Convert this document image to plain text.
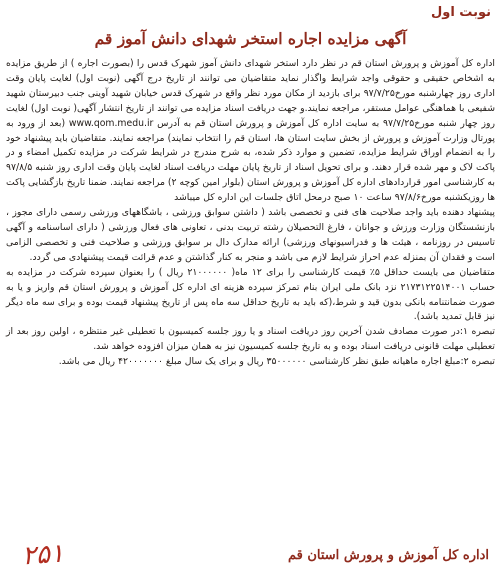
نوبت اول
آگهی مزایده اجاره استخر شهدای دانش آموز قم

اداره کل آموزش و پرورش استان قم در نظر دارد استخر شهدای دانش آموز شهرک قدس را (بصورت اجاره ) از طریق مزایده به اشخاص حقیقی و حقوقی واجد شرایط واگذار نماید متقاضیان می توانند از تاریخ درج آگهی (نوبت اول) لغایت پایان وقت اداری روز چهارشنبه مورخ۹۷/۷/۲۵ برای بازدید از مکان مورد نظر واقع در شهرک قدس خیابان شهید آوینی جنب دبیرستان شهید شفیعی با هماهنگی عوامل مستقر، مراجعه نمایند.و جهت دریافت اسناد مزایده می توانند از تاریخ انتشار آگهی( نوبت اول) لغایت روز چهار شنبه مورخ۹۷/۷/۲۵ به سایت اداره کل آموزش و پرورش استان قم به آدرس www.qom.medu.ir (بعد از ورود به پورتال وزارت آموزش و پرورش از بخش سایت استان ها، استان قم را انتخاب نمایند) مراجعه نمایند. متقاضیان باید پیشنهاد خود را به انضمام اوراق شرایط مزایده، تضمین و موارد ذکر شده، به شرح مندرج در شرایط شرکت در مزایده تکمیل امضاء و در پاکت لاک و مهر شده قرار دهند. و برای تحویل اسناد از تاریخ پایان مهلت دریافت اسناد لغایت پایان وقت اداری روز شنبه ۹۷/۸/۵ به کارشناسی امور قراردادهای اداره کل آموزش و پرورش استان (بلوار امین کوچه ۲) مراجعه نمایند. ضمنا تاریخ بازگشایی پاکت ها روزیکشنبه مورخ۹۷/۸/۶ ساعت ۱۰ صبح درمحل اتاق جلسات این اداره کل میباشد

پیشنهاد دهنده باید واجد صلاحیت های فنی و تخصصی باشد ( داشتن سوابق ورزشی ، باشگاههای ورزشی رسمی دارای مجوز ، بازنشستگان وزارت ورزش و جوانان ، فارغ التحصیلان رشته تربیت بدنی ، تعاونی های فعال ورزشی ( دارای اساسنامه و آگهی تاسیس در روزنامه ، هیئت ها و فدراسیونهای ورزشی) ارائه مدارک دال بر سوابق ورزشی و صلاحیت فنی و تخصصی الزامی است و فقدان آن بمنزله عدم احراز شرایط لازم می باشد و منجر به کنار گذاشتن و عدم قرائت قیمت پیشنهادی می گردد.

متقاضیان می بایست حداقل ۵٪ قیمت کارشناسی را برای ۱۲ ماه( ۲۱۰۰۰۰۰۰ ریال ) را بعنوان سپرده شرکت در مزایده به حساب ۲۱۷۳۱۲۲۵۱۴۰۰۱ نزد بانک ملی ایران بنام تمرکز سپرده هزینه ای اداره کل آموزش و پرورش استان قم واریز و یا به صورت ضمانتنامه بانکی بدون قید و شرط،(که باید به تاریخ حداقل سه ماه پس از تاریخ پیشنهاد قیمت بوده و برای سه ماه دیگر نیز قابل تمدید باشد).

تبصره ۱:در صورت مصادف شدن آخرین روز دریافت اسناد و یا روز جلسه کمیسیون با تعطیلی غیر منتظره ، اولین روز بعد از تعطیلی مهلت قانونی دریافت اسناد بوده و به تاریخ جلسه کمیسیون نیز به همان میزان افزوده خواهد شد.

تبصره ۲:مبلغ اجاره ماهیانه طبق نظر کارشناسی ۳۵۰۰۰۰۰۰ ریال و برای یک سال مبلغ ۴۲۰۰۰۰۰۰۰ ریال می باشد.

اداره کل آموزش و پرورش استان قم
۲۵۱
